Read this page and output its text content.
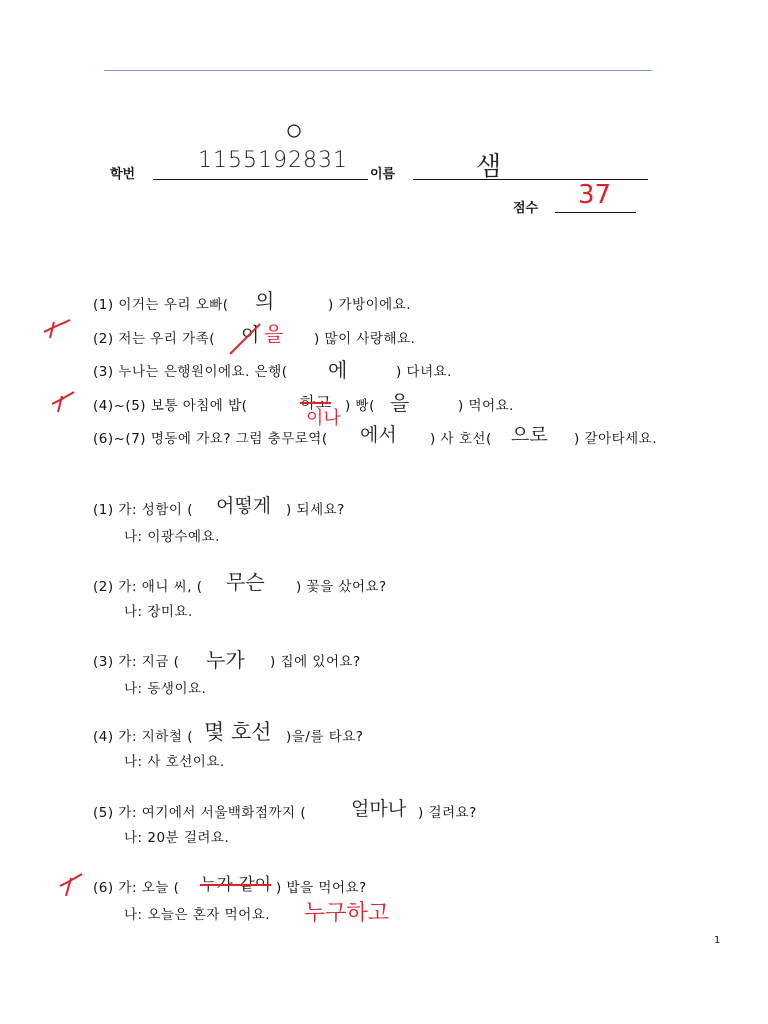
학번
1155192831
○
이름	샘
점수 37
(1) 이거는 우리 오빠( 의	) 가방이에요.
(2) 저는 우리 가족( 이 을 ) 많이 사랑해요.
(3) 누나는 은행원이에요. 은행( 에	) 다녀요.
(4)~(5) 보통 아침에 밥(	하고
이나
) 빵( 을	) 먹어요.
(6)~(7) 명동에 가요? 그럼 충무로역( 에서 ) 사 호선( 으로 ) 갈아타세요.
(1) 가: 성함이 ( 어떻게 ) 되세요?
나: 이광수예요.
(2) 가: 애니 씨, ( 무슨 ) 꽃을 샀어요?
나: 장미요.
(3) 가: 지금 ( 누가 ) 집에 있어요?
나: 동생이요.
(4) 가: 지하철 ( 몇 호선 )을/를 타요?
나: 사 호선이요.
(5) 가: 여기에서 서울백화점까지 ( 얼마나 ) 걸려요?
나: 20분 걸려요.
(6) 가: 오늘 ( 누가 같이 ) 밥을 먹어요?
나: 오늘은 혼자 먹어요. 누구하고
1
